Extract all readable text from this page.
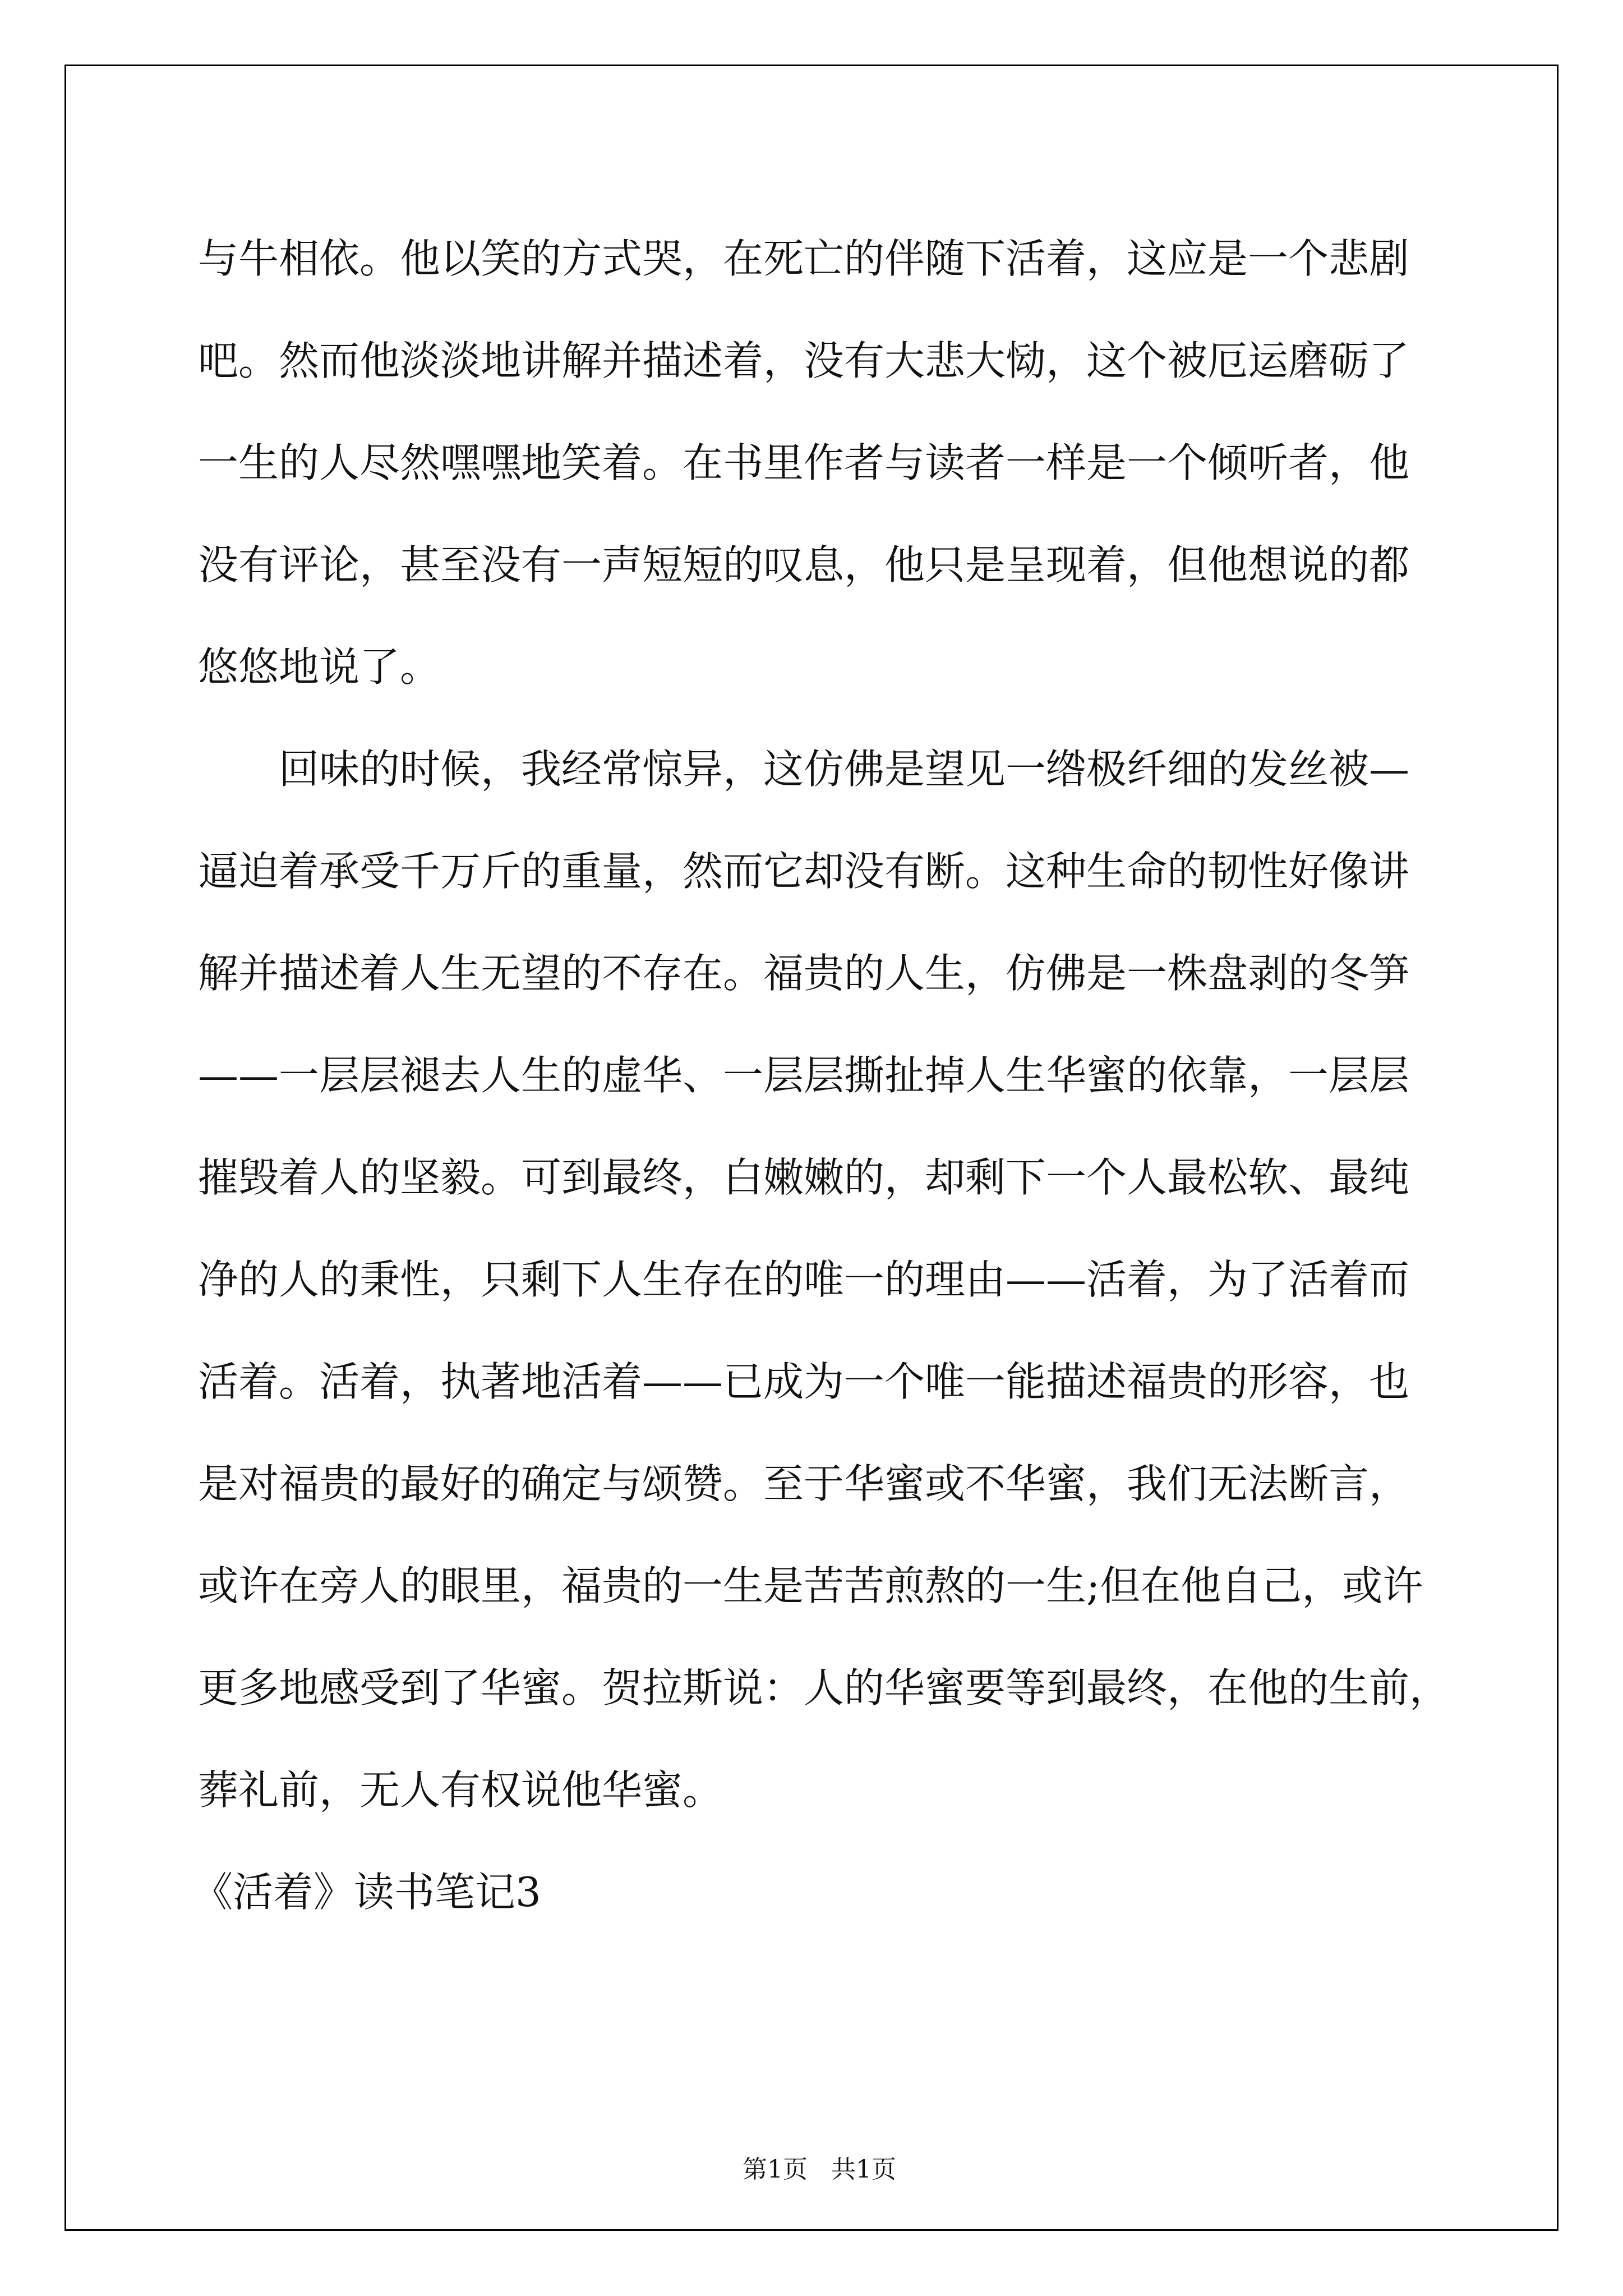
与牛相依。他以笑的方式哭，在死亡的伴随下活着，这应是一个悲剧
吧。然而他淡淡地讲解并描述着，没有大悲大恸，这个被厄运磨砺了
一生的人尽然嘿嘿地笑着。在书里作者与读者一样是一个倾听者，他
没有评论，甚至没有一声短短的叹息，他只是呈现着，但他想说的都
悠悠地说了。
回味的时候，我经常惊异，这仿佛是望见一绺极纤细的发丝被—
逼迫着承受千万斤的重量，然而它却没有断。这种生命的韧性好像讲
解并描述着人生无望的不存在。福贵的人生，仿佛是一株盘剥的冬笋
——一层层褪去人生的虚华、一层层撕扯掉人生华蜜的依靠，一层层
摧毁着人的坚毅。可到最终，白嫩嫩的，却剩下一个人最松软、最纯
净的人的秉性，只剩下人生存在的唯一的理由——活着，为了活着而
活着。活着，执著地活着——已成为一个唯一能描述福贵的形容，也
是对福贵的最好的确定与颂赞。至于华蜜或不华蜜，我们无法断言，
或许在旁人的眼里，福贵的一生是苦苦煎熬的一生;但在他自己，或许
更多地感受到了华蜜。贺拉斯说：人的华蜜要等到最终，在他的生前，
葬礼前，无人有权说他华蜜。
《活着》读书笔记3

第1页   共1页
